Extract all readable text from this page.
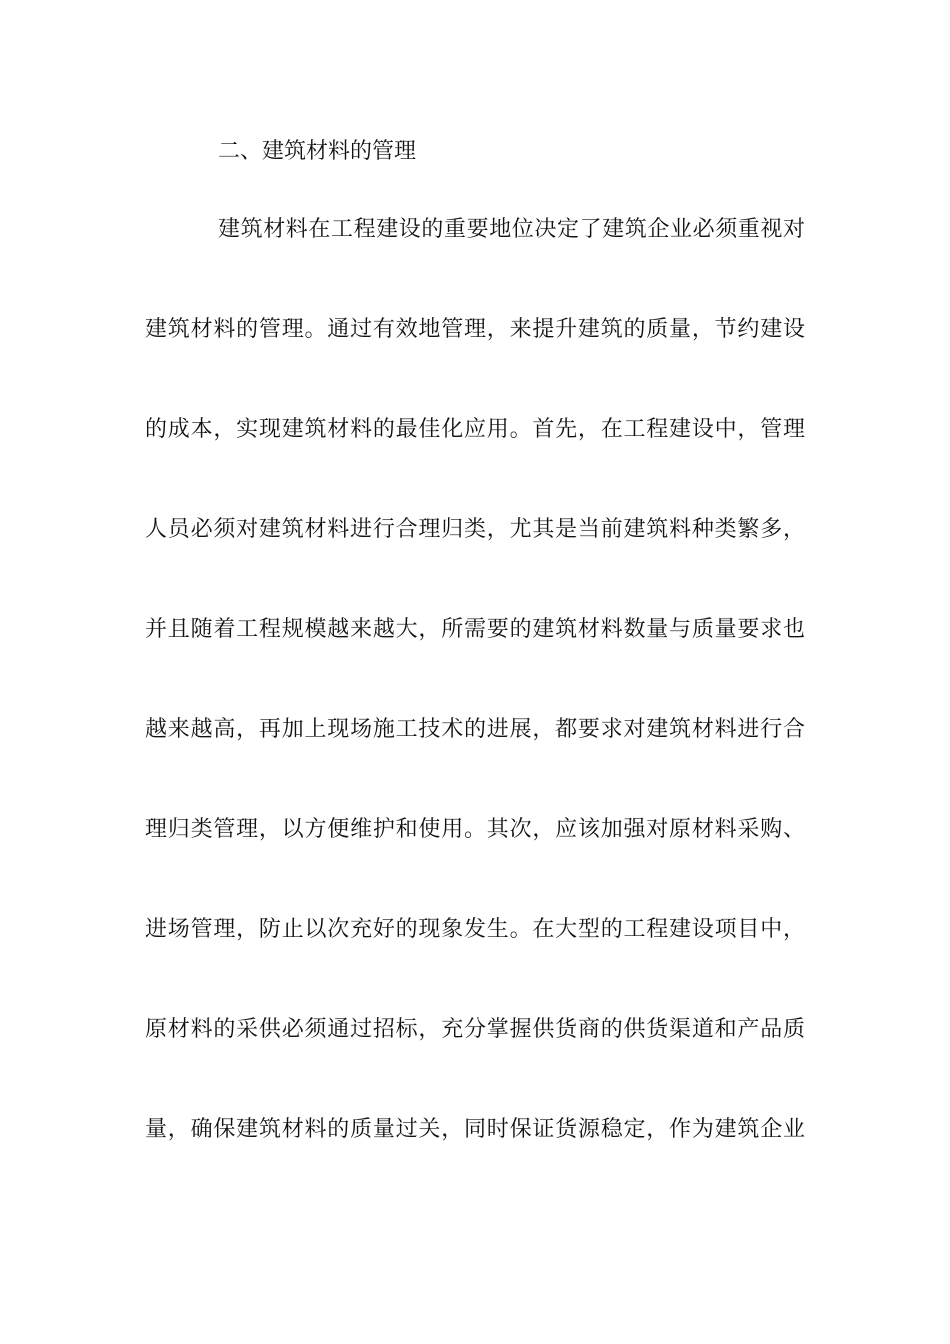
二、建筑材料的管理
建筑材料在工程建设的重要地位决定了建筑企业必须重视对
建筑材料的管理。通过有效地管理，来提升建筑的质量，节约建设
的成本，实现建筑材料的最佳化应用。首先，在工程建设中，管理
人员必须对建筑材料进行合理归类，尤其是当前建筑料种类繁多，
并且随着工程规模越来越大，所需要的建筑材料数量与质量要求也
越来越高，再加上现场施工技术的进展，都要求对建筑材料进行合
理归类管理，以方便维护和使用。其次，应该加强对原材料采购、
进场管理，防止以次充好的现象发生。在大型的工程建设项目中，
原材料的采供必须通过招标，充分掌握供货商的供货渠道和产品质
量，确保建筑材料的质量过关，同时保证货源稳定，作为建筑企业
